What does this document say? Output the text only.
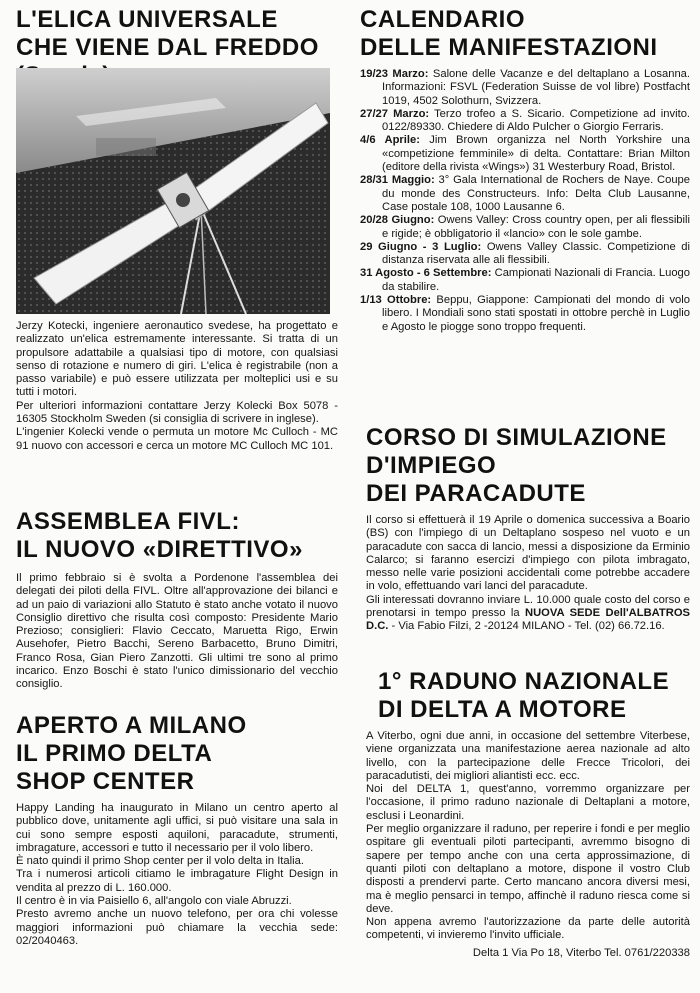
L'ELICA UNIVERSALE
CHE VIENE DAL FREDDO

Jerzy Kotecki, ingeniere aeronautico svedese, ha progettato e realizzato un'elica estremamente interessante. Si tratta di un propulsore adattabile a qualsiasi tipo di motore, con qualsiasi senso di rotazione e numero di giri. L'elica è registrabile (non a passo variabile) e può essere utilizzata per molteplici usi e su tutti i motori.

Per ulteriori informazioni contattare Jerzy Kolecki Box 5078 - 16305 Stockholm Sweden (si consiglia di scrivere in inglese).

L'ingenier Kolecki vende o permuta un motore Mc Culloch - MC 91 nuovo con accessori e cerca un motore MC Culloch MC 101.

ASSEMBLEA FIVL:
IL NUOVO «DIRETTIVO»

Il primo febbraio si è svolta a Pordenone l'assemblea dei delegati dei piloti della FIVL. Oltre all'approvazione dei bilanci e ad un paio di variazioni allo Statuto è stato anche votato il nuovo Consiglio direttivo che risulta così composto: Presidente Mario Prezioso; consiglieri: Flavio Ceccato, Maruetta Rigo, Erwin Ausehofer, Pietro Bacchi, Sereno Barbacetto, Bruno Dimitri, Franco Rosa, Gian Piero Zanzotti. Gli ultimi tre sono al primo incarico. Enzo Boschi è stato l'unico dimissionario del vecchio consiglio.

APERTO A MILANO
IL PRIMO DELTA
SHOP CENTER

Happy Landing ha inaugurato in Milano un centro aperto al pubblico dove, unitamente agli uffici, si può visitare una sala in cui sono sempre esposti aquiloni, paracadute, strumenti, imbragature, accessori e tutto il necessario per il volo libero.

È nato quindi il primo Shop center per il volo delta in Italia.

Tra i numerosi articoli citiamo le imbragature Flight Design in vendita al prezzo di L. 160.000.

Il centro è in via Paisiello 6, all'angolo con viale Abruzzi.

Presto avremo anche un nuovo telefono, per ora chi volesse maggiori informazioni può chiamare la vecchia sede: 02/2040463.

CALENDARIO
DELLE MANIFESTAZIONI

19/23 Marzo: Salone delle Vacanze e del deltaplano a Losanna. Informazioni: FSVL (Federation Suisse de vol libre) Postfacht 1019, 4502 Solothurn, Svizzera.

27/27 Marzo: Terzo trofeo a S. Sicario. Competizione ad invito. 0122/89330. Chiedere di Aldo Pulcher o Giorgio Ferraris.

4/6 Aprile: Jim Brown organizza nel North Yorkshire una «competizione femminile» di delta. Contattare: Brian Milton (editore della rivista «Wings») 31 Westerbury Road, Bristol.

28/31 Maggio: 3° Gala International de Rochers de Naye. Coupe du monde des Constructeurs. Info: Delta Club Lausanne, Case postale 108, 1000 Lausanne 6.

20/28 Giugno: Owens Valley: Cross country open, per ali flessibili e rigide; è obbligatorio il «lancio» con le sole gambe.

29 Giugno - 3 Luglio: Owens Valley Classic. Competizione di distanza riservata alle ali flessibili.

31 Agosto - 6 Settembre: Campionati Nazionali di Francia. Luogo da stabilire.

1/13 Ottobre: Beppu, Giappone: Campionati del mondo di volo libero. I Mondiali sono stati spostati in ottobre perchè in Luglio e Agosto le piogge sono troppo frequenti.

CORSO DI SIMULAZIONE
D'IMPIEGO
DEI PARACADUTE

Il corso si effettuerà il 19 Aprile o domenica successiva a Boario (BS) con l'impiego di un Deltaplano sospeso nel vuoto e un paracadute con sacca di lancio, messi a disposizione da Erminio Calarco; si faranno esercizi d'impiego con pilota imbragato, messo nelle varie posizioni accidentali come potrebbe accadere in volo, effettuando vari lanci del paracadute.

Gli interessati dovranno inviare L. 10.000 quale costo del corso e prenotarsi in tempo presso la NUOVA SEDE Dell'ALBATROS D.C. - Via Fabio Filzi, 2 -20124 MILANO - Tel. (02) 66.72.16.

1° RADUNO NAZIONALE
DI DELTA A MOTORE

A Viterbo, ogni due anni, in occasione del settembre Viterbese, viene organizzata una manifestazione aerea nazionale ad alto livello, con la partecipazione delle Frecce Tricolori, dei paracadutisti, dei migliori aliantisti ecc. ecc.

Noi del DELTA 1, quest'anno, vorremmo organizzare per l'occasione, il primo raduno nazionale di Deltaplani a motore, esclusi i Leonardini.

Per meglio organizzare il raduno, per reperire i fondi e per meglio ospitare gli eventuali piloti partecipanti, avremmo bisogno di sapere per tempo anche con una certa approssimazione, di quanti piloti con deltaplano a motore, dispone il vostro Club disposti a prendervi parte. Certo mancano ancora diversi mesi, ma è meglio pensarci in tempo, affinchè il raduno riesca come si deve.

Non appena avremo l'autorizzazione da parte delle autorità competenti, vi invieremo l'invito ufficiale.

Delta 1 Via Po 18, Viterbo Tel. 0761/220338
